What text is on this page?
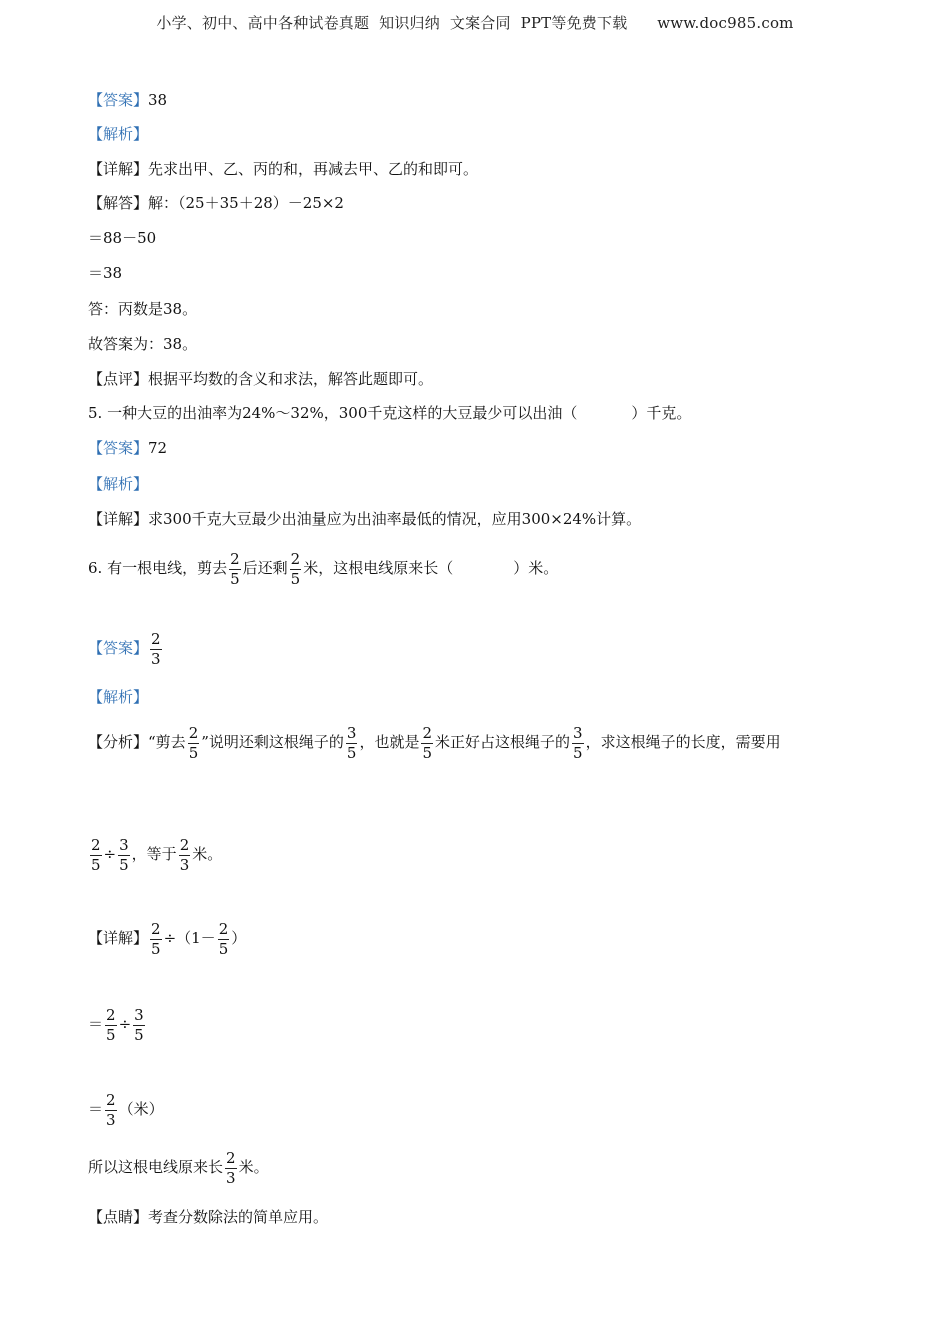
小学、初中、高中各种试卷真题  知识归纳  文案合同  PPT等免费下载      www.doc985.com
【答案】38
【解析】
【详解】先求出甲、乙、丙的和，再减去甲、乙的和即可。
【解答】解：（25＋35＋28）－25×2
＝88－50
＝38
答：丙数是38。
故答案为：38。
【点评】根据平均数的含义和求法，解答此题即可。
5. 一种大豆的出油率为24%～32%，300千克这样的大豆最少可以出油（	）千克。
【答案】72
【解析】
【详解】求300千克大豆最少出油量应为出油率最低的情况，应用300×24%计算。
6. 有一根电线，剪去 $\frac{2}{5}$ 后还剩 $\frac{2}{5}$ 米，这根电线原来长（	）米。
【答案】 $\frac{2}{3}$
【解析】
【分析】“剪去 $\frac{2}{5}$ ”说明还剩这根绳子的 $\frac{3}{5}$ ，也就是 $\frac{2}{5}$ 米正好占这根绳子的 $\frac{3}{5}$ ，求这根绳子的长度，需要用
$\frac{2}{5} \div \frac{3}{5}$ ，等于 $\frac{2}{3}$ 米。
【详解】 $\frac{2}{5} \div(1- \frac{2}{5}$ ）
＝ $\frac{2}{5} \div \frac{3}{5}$
＝ $\frac{2}{3}$ （米）
所以这根电线原来长 $\frac{2}{3}$ 米。
【点睛】考查分数除法的简单应用。
